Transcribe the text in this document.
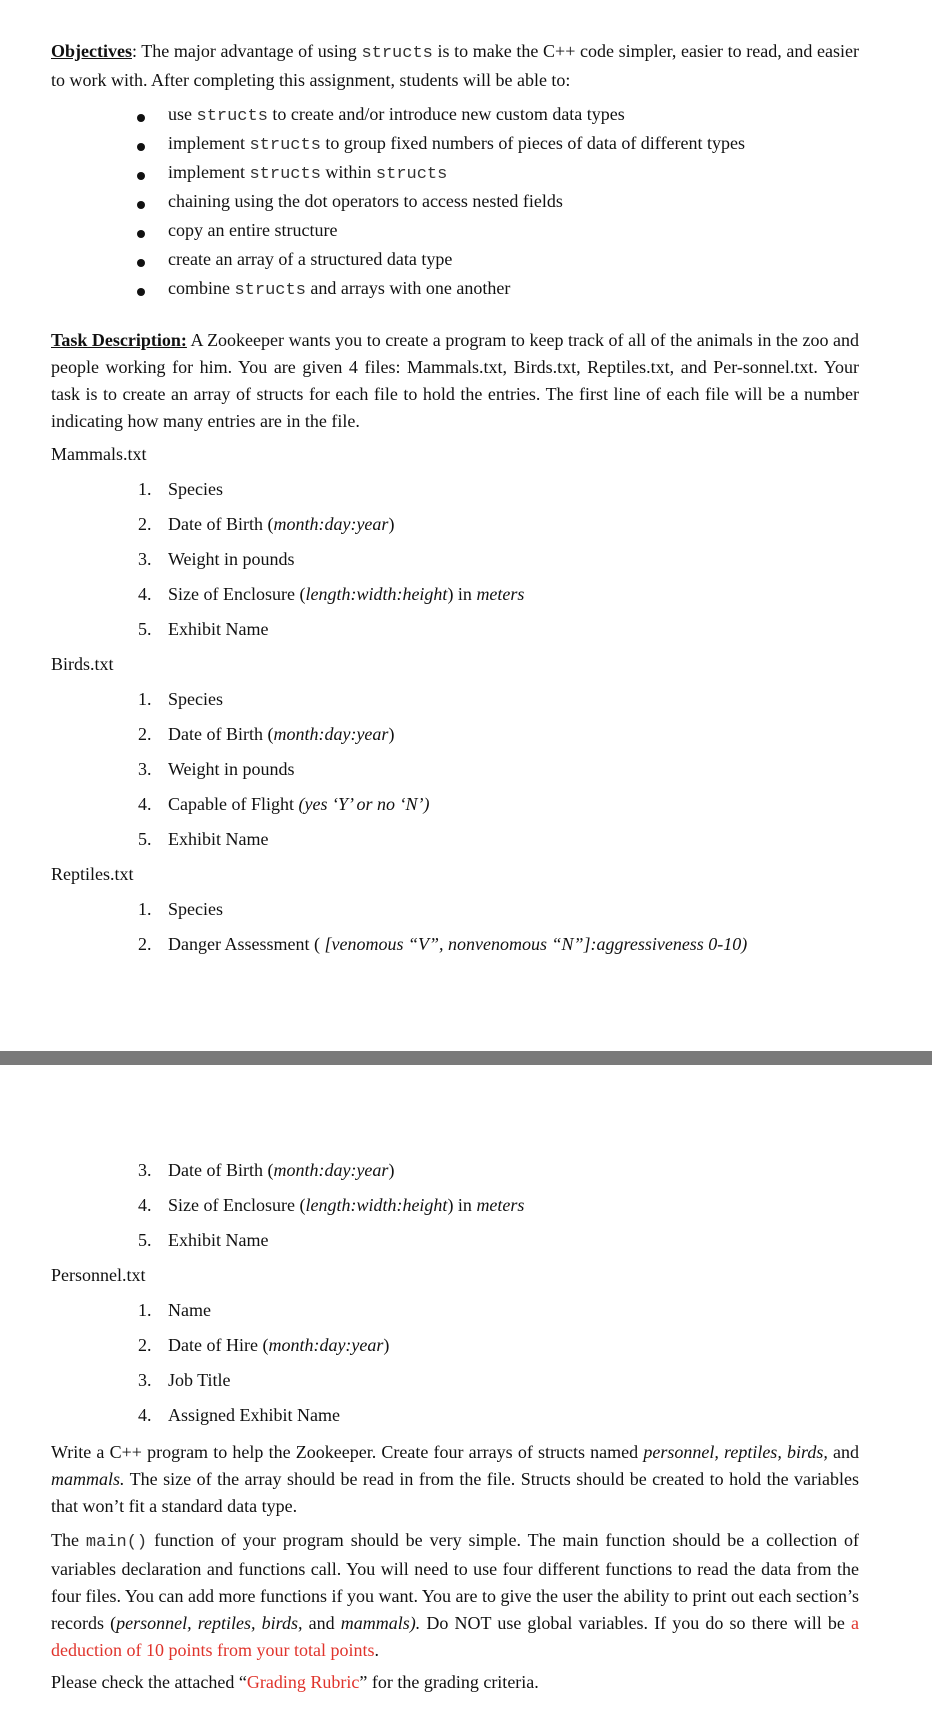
Objectives: The major advantage of using structs is to make the C++ code simpler, easier to read, and easier to work with. After completing this assignment, students will be able to:
use structs to create and/or introduce new custom data types
implement structs to group fixed numbers of pieces of data of different types
implement structs within structs
chaining using the dot operators to access nested fields
copy an entire structure
create an array of a structured data type
combine structs and arrays with one another
Task Description: A Zookeeper wants you to create a program to keep track of all of the animals in the zoo and people working for him. You are given 4 files: Mammals.txt, Birds.txt, Reptiles.txt, and Per-sonnel.txt. Your task is to create an array of structs for each file to hold the entries. The first line of each file will be a number indicating how many entries are in the file.
Mammals.txt
1. Species
2. Date of Birth (month:day:year)
3. Weight in pounds
4. Size of Enclosure (length:width:height) in meters
5. Exhibit Name
Birds.txt
1. Species
2. Date of Birth (month:day:year)
3. Weight in pounds
4. Capable of Flight (yes ‘Y’ or no ‘N’)
5. Exhibit Name
Reptiles.txt
1. Species
2. Danger Assessment ( [venomous “V”, nonvenomous “N”]:aggressiveness 0-10)
3. Date of Birth (month:day:year)
4. Size of Enclosure (length:width:height) in meters
5. Exhibit Name
Personnel.txt
1. Name
2. Date of Hire (month:day:year)
3. Job Title
4. Assigned Exhibit Name
Write a C++ program to help the Zookeeper. Create four arrays of structs named personnel, reptiles, birds, and mammals. The size of the array should be read in from the file. Structs should be created to hold the variables that won’t fit a standard data type.
The main() function of your program should be very simple. The main function should be a collection of variables declaration and functions call. You will need to use four different functions to read the data from the four files. You can add more functions if you want. You are to give the user the ability to print out each section’s records (personnel, reptiles, birds, and mammals). Do NOT use global variables. If you do so there will be a deduction of 10 points from your total points.
Please check the attached “Grading Rubric” for the grading criteria.
